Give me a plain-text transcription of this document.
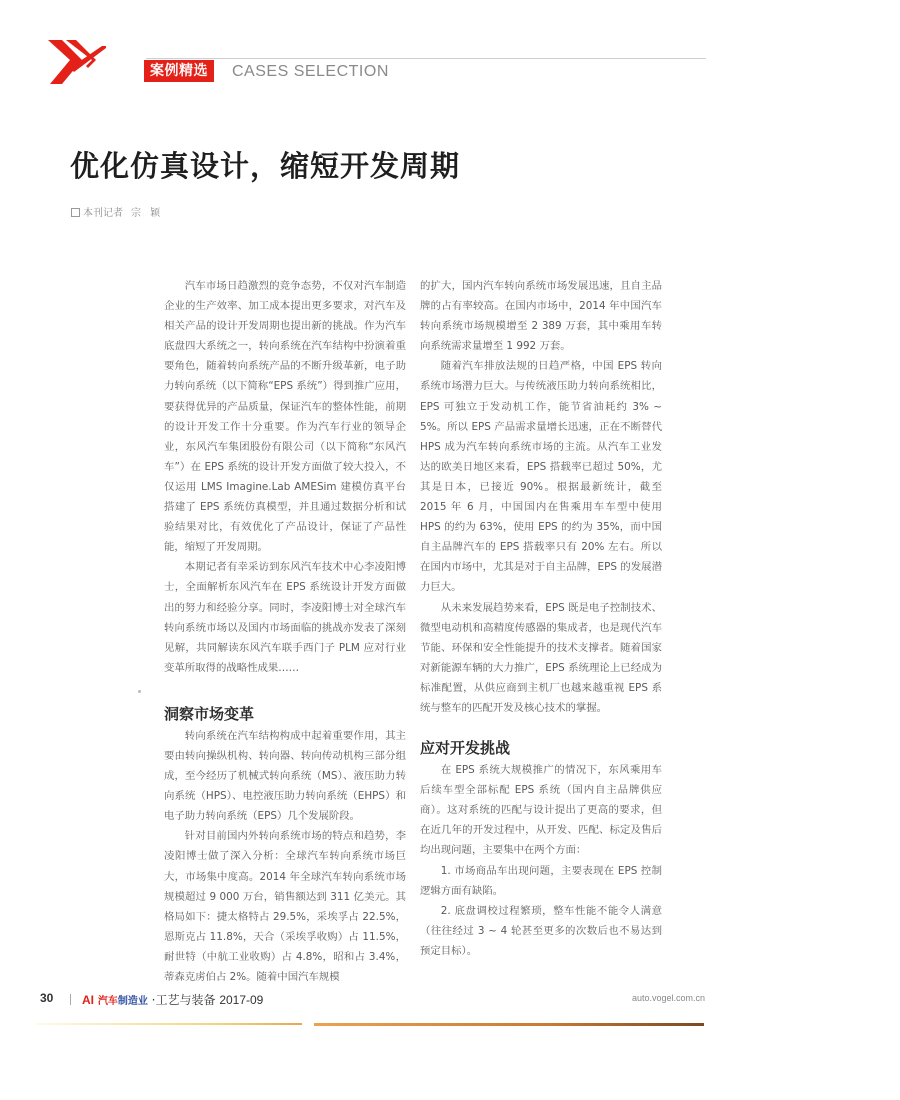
案例精选	CASES SELECTION
优化仿真设计，缩短开发周期
本刊记者 宗 颖

汽车市场日趋激烈的竞争态势，不仅对汽车制造企业的生产效率、加工成本提出更多要求，对汽车及相关产品的设计开发周期也提出新的挑战。作为汽车底盘四大系统之一，转向系统在汽车结构中扮演着重要角色，随着转向系统产品的不断升级革新，电子助力转向系统（以下简称“EPS 系统”）得到推广应用，要获得优异的产品质量，保证汽车的整体性能，前期的设计开发工作十分重要。作为汽车行业的领导企业，东风汽车集团股份有限公司（以下简称“东风汽车”）在 EPS 系统的设计开发方面做了较大投入，不仅运用 LMS Imagine.Lab AMESim 建模仿真平台搭建了 EPS 系统仿真模型，并且通过数据分析和试验结果对比，有效优化了产品设计，保证了产品性能，缩短了开发周期。

本期记者有幸采访到东风汽车技术中心李凌阳博士，全面解析东风汽车在 EPS 系统设计开发方面做出的努力和经验分享。同时，李凌阳博士对全球汽车转向系统市场以及国内市场面临的挑战亦发表了深刻见解，共同解读东风汽车联手西门子 PLM 应对行业变革所取得的战略性成果……

洞察市场变革

转向系统在汽车结构构成中起着重要作用，其主要由转向操纵机构、转向器、转向传动机构三部分组成，至今经历了机械式转向系统（MS）、液压助力转向系统（HPS）、电控液压助力转向系统（EHPS）和电子助力转向系统（EPS）几个发展阶段。

针对目前国内外转向系统市场的特点和趋势，李凌阳博士做了深入分析：全球汽车转向系统市场巨大，市场集中度高。2014 年全球汽车转向系统市场规模超过 9 000 万台，销售额达到 311 亿美元。其格局如下：捷太格特占 29.5%，采埃孚占 22.5%，恩斯克占 11.8%，天合（采埃孚收购）占 11.5%，耐世特（中航工业收购）占 4.8%，昭和占 3.4%，蒂森克虏伯占 2%。随着中国汽车规模

的扩大，国内汽车转向系统市场发展迅速，且自主品牌的占有率较高。在国内市场中，2014 年中国汽车转向系统市场规模增至 2 389 万套，其中乘用车转向系统需求量增至 1 992 万套。

随着汽车排放法规的日趋严格，中国 EPS 转向系统市场潜力巨大。与传统液压助力转向系统相比，EPS 可独立于发动机工作，能节省油耗约 3% ~ 5%。所以 EPS 产品需求量增长迅速，正在不断替代 HPS 成为汽车转向系统市场的主流。从汽车工业发达的欧美日地区来看，EPS 搭载率已超过 50%，尤其是日本，已接近 90%。根据最新统计，截至 2015 年 6 月，中国国内在售乘用车车型中使用 HPS 的约为 63%，使用 EPS 的约为 35%，而中国自主品牌汽车的 EPS 搭载率只有 20% 左右。所以在国内市场中，尤其是对于自主品牌，EPS 的发展潜力巨大。

从未来发展趋势来看，EPS 既是电子控制技术、微型电动机和高精度传感器的集成者，也是现代汽车节能、环保和安全性能提升的技术支撑者。随着国家对新能源车辆的大力推广，EPS 系统理论上已经成为标准配置，从供应商到主机厂也越来越重视 EPS 系统与整车的匹配开发及核心技术的掌握。

应对开发挑战

在 EPS 系统大规模推广的情况下，东风乘用车后续车型全部标配 EPS 系统（国内自主品牌供应商）。这对系统的匹配与设计提出了更高的要求，但在近几年的开发过程中，从开发、匹配、标定及售后均出现问题，主要集中在两个方面：

1. 市场商品车出现问题，主要表现在 EPS 控制逻辑方面有缺陷。

2. 底盘调校过程繁琐，整车性能不能令人满意（往往经过 3 ~ 4 轮甚至更多的次数后也不易达到预定目标）。

30 AI 汽车制造业 ·工艺与装备 2017-09	auto.vogel.com.cn
